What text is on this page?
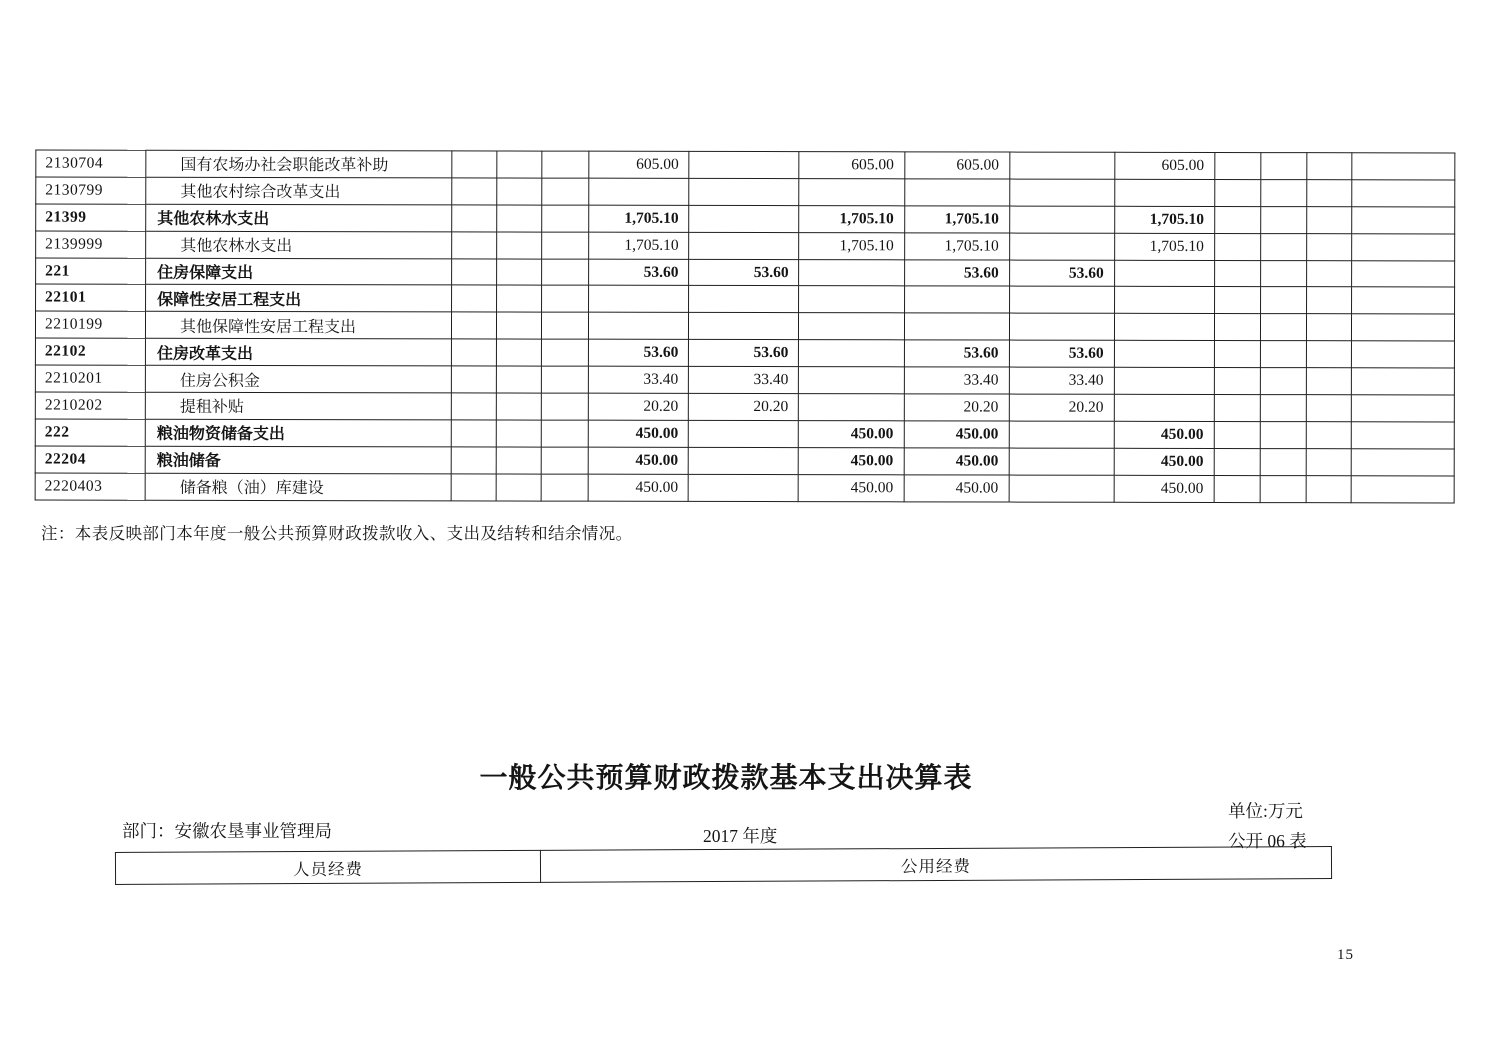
2130704	国有农场办社会职能改革补助				605.00		605.00	605.00		605.00				
2130799	其他农村综合改革支出													
21399	其他农林水支出				1,705.10		1,705.10	1,705.10		1,705.10				
2139999	其他农林水支出				1,705.10		1,705.10	1,705.10		1,705.10				
221	住房保障支出				53.60	53.60		53.60	53.60					
22101	保障性安居工程支出													
2210199	其他保障性安居工程支出													
22102	住房改革支出				53.60	53.60		53.60	53.60					
2210201	住房公积金				33.40	33.40		33.40	33.40					
2210202	提租补贴				20.20	20.20		20.20	20.20					
222	粮油物资储备支出				450.00		450.00	450.00		450.00				
22204	粮油储备				450.00		450.00	450.00		450.00				
2220403	储备粮（油）库建设				450.00		450.00	450.00		450.00				
注：本表反映部门本年度一般公共预算财政拨款收入、支出及结转和结余情况。
一般公共预算财政拨款基本支出决算表
部门：安徽农垦事业管理局	2017 年度
单位:万元
公开 06 表
人员经费	公用经费
15
